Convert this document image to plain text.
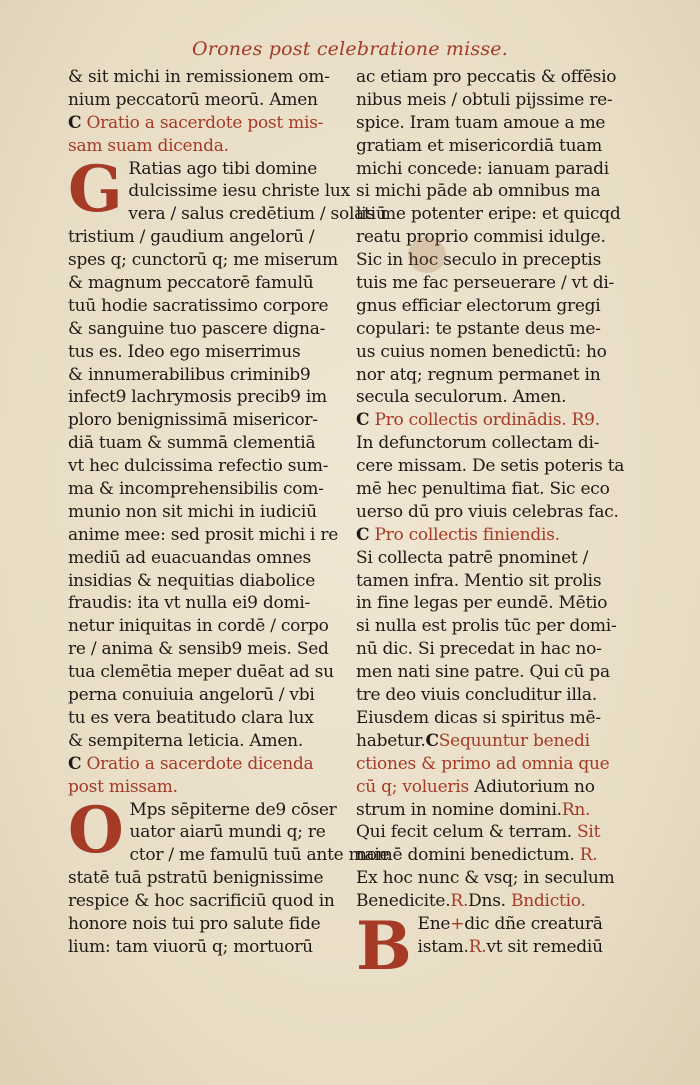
Orones post celebratione misse.
& sit michi in remissionem om-
nium peccatorū meorū. Amen
C Oratio a sacerdote post mis-
sam suam dicenda.
G Ratias ago tibi domine
dulcissime iesu christe lux
vera / salus credētium / solatiū
tristium / gaudium angelorū /
spes q; cunctorū q; me miserum
& magnum peccatorē famulū
tuū hodie sacratissimo corpore
& sanguine tuo pascere digna-
tus es. Ideo ego miserrimus
& innumerabilibus criminib9
infect9 lachrymosis precib9 im
ploro benignissimā misericor-
diā tuam & summā clementiā
vt hec dulcissima refectio sum-
ma & incomprehensibilis com-
munio non sit michi in iudiciū
anime mee: sed prosit michi i re
mediū ad euacuandas omnes
insidias & nequitias diabolice
fraudis: ita vt nulla ei9 domi-
netur iniquitas in cordē / corpo
re / anima & sensib9 meis. Sed
tua clemētia meper duēat ad su
perna conuiuia angelorū / vbi
tu es vera beatitudo clara lux
& sempiterna leticia. Amen.
C Oratio a sacerdote dicenda
post missam.
O Mps sēpiterne de9 cōser
uator aiarū mundi q; re
ctor / me famulū tuū ante maie
statē tuā pstratū benignissime
respice & hoc sacrificiū quod in
honore nois tui pro salute fide
lium: tam viuorū q; mortuorū
ac etiam pro peccatis & offēsio
nibus meis / obtuli pijssime re-
spice. Iram tuam amoue a me
gratiam et misericordiā tuam
michi concede: ianuam paradi
si michi pāde ab omnibus ma
lis me potenter eripe: et quicqd
reatu proprio commisi idulge.
Sic in hoc seculo in preceptis
tuis me fac perseuerare / vt di-
gnus efficiar electorum gregi
copulari: te pstante deus me-
us cuius nomen benedictū: ho
nor atq; regnum permanet in
secula seculorum. Amen.
C Pro collectis ordinādis. R9.
In defunctorum collectam di-
cere missam. De setis poteris ta
mē hec penultima fiat. Sic eco
uerso dū pro viuis celebras fac.
C Pro collectis finiendis.
Si collecta patrē pnominet /
tamen infra. Mentio sit prolis
in fine legas per eundē. Mētio
si nulla est prolis tūc per domi-
nū dic. Si precedat in hac no-
men nati sine patre. Qui cū pa
tre deo viuis concluditur illa.
Eiusdem dicas si spiritus mē-
habetur.CSequuntur benedi
ctiones & primo ad omnia que
cū q; volueris Adiutorium no
strum in nomine domini.Rn.
Qui fecit celum & terram. Sit
nomē domini benedictum. R.
Ex hoc nunc & vsq; in seculum
Benedicite.R.Dns. Bndictio.
B Ene+dic dñe creaturā
istam.R.vt sit remediū
